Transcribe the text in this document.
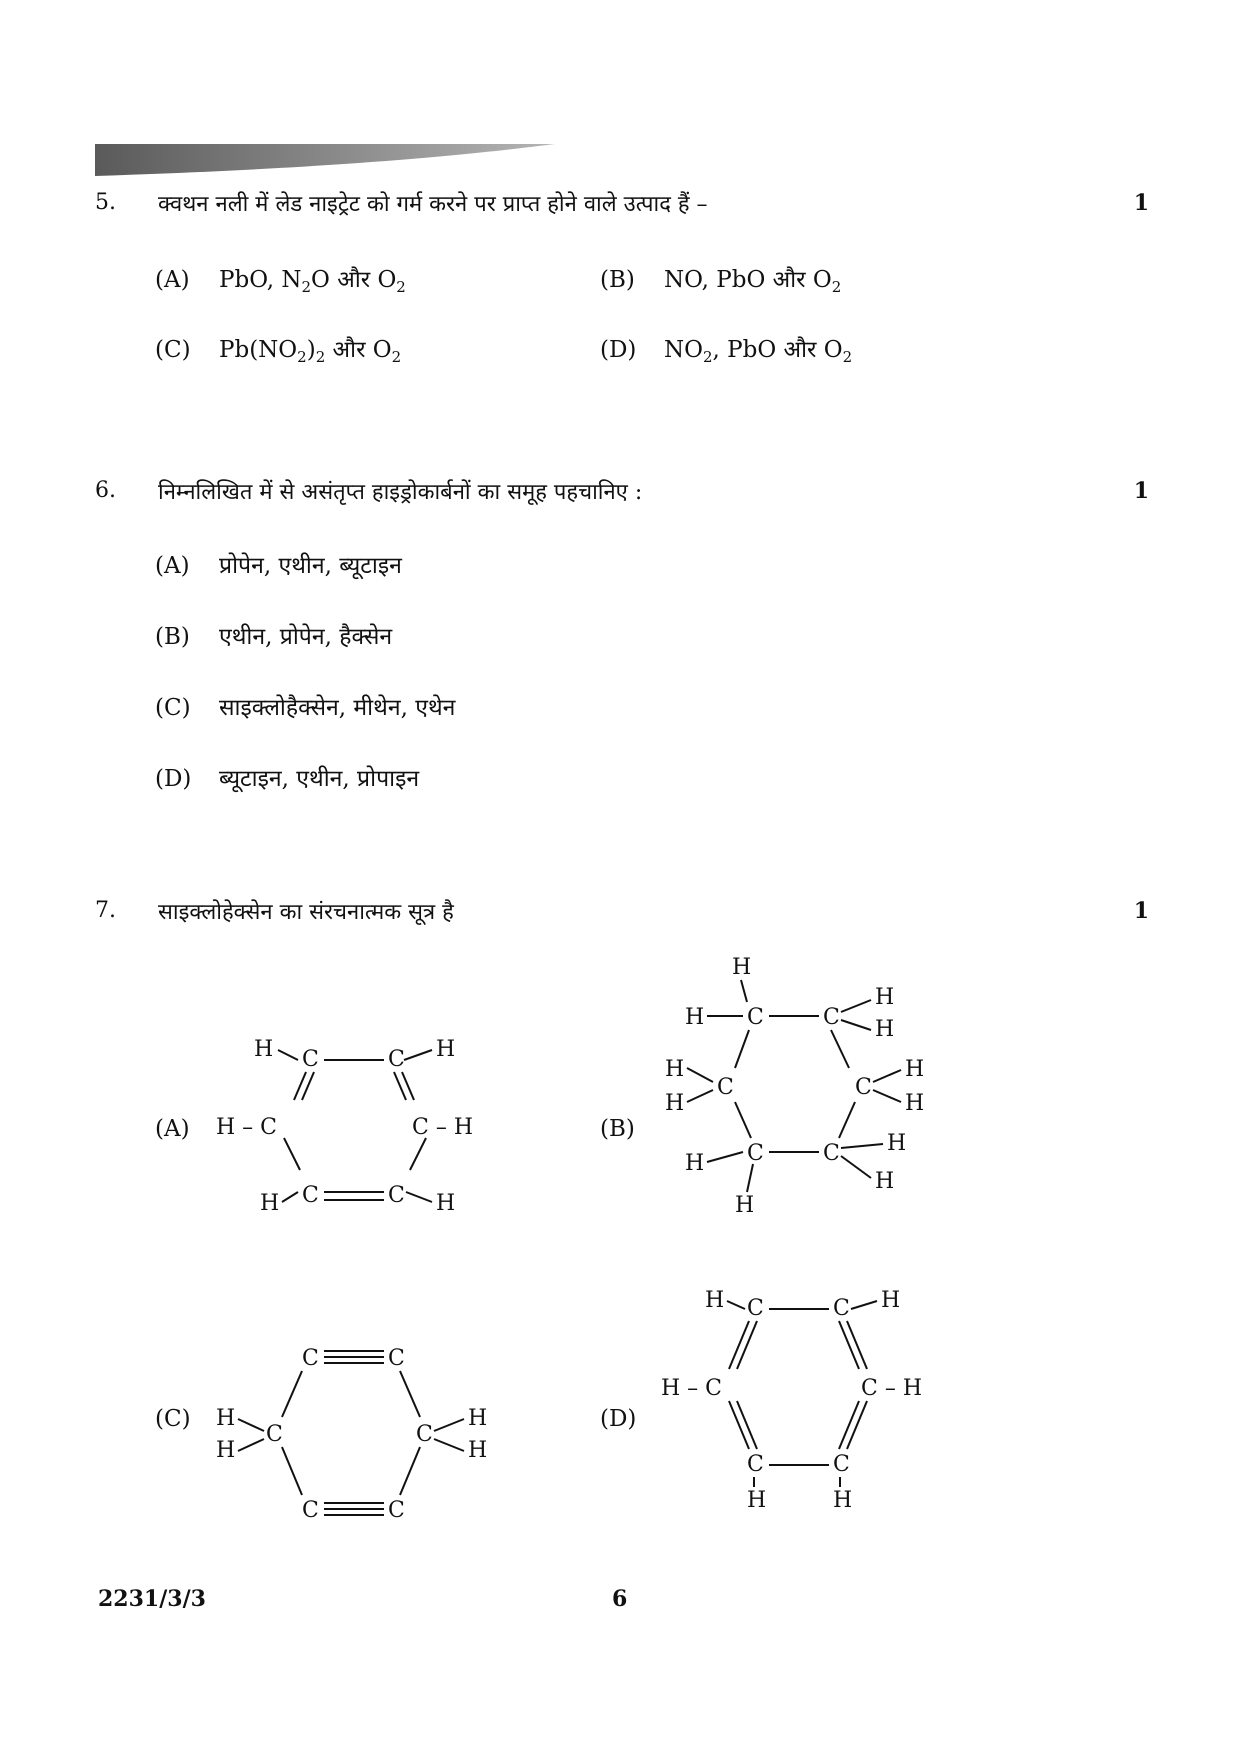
5. क्वथन नली में लेड नाइट्रेट को गर्म करने पर प्राप्त होने वाले उत्पाद हैं –	1
(A) PbO, $N_2O$ और $O_2$	(B) NO, PbO और $O_2$
(C) $Pb(NO_2)_2$ और $O_2$	(D) $NO_2$, PbO और $O_2$
6. निम्नलिखित में से असंतृप्त हाइड्रोकार्बनों का समूह पहचानिए :	1
(A) प्रोपेन, एथीन, ब्यूटाइन
(B) एथीन, प्रोपेन, हैक्सेन
(C) साइक्लोहैक्सेन, मीथेन, एथेन
(D) ब्यूटाइन, एथीन, प्रोपाइन
7. साइक्लोहेक्सेन का संरचनात्मक सूत्र है	1
(A)	(B)
(C)	(D)
H C	C H
H – C	C – H
H C	C H
H
H C	C
H
H
H
H
C	C
H
H
C
H	C H
H
H
C	C
H
H
C	C
H
H
C	C
H C	C H
H – C	C – H
C	C
H	H
2231/3/3	6
